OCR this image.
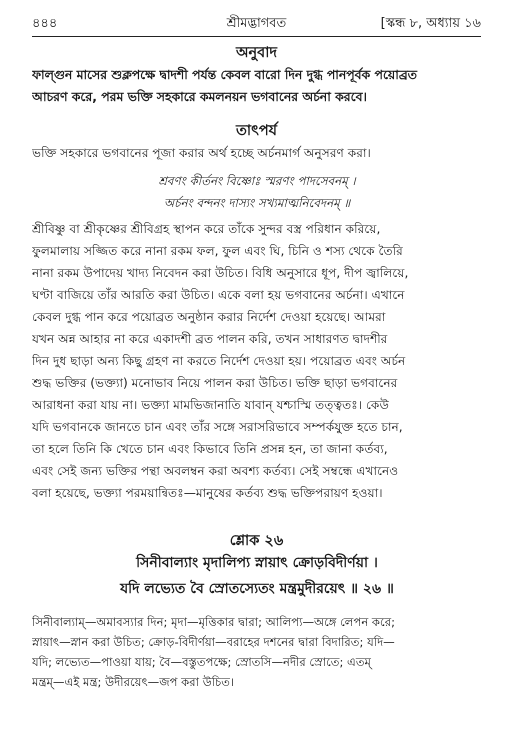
৪৪৪	শ্রীমদ্ভাগবত	[স্কন্ধ ৮, অধ্যায় ১৬
অনুবাদ
ফাল্গুন মাসের শুক্লপক্ষে দ্বাদশী পর্যন্ত কেবল বারো দিন দুগ্ধ পানপূর্বক পয়োব্রত
আচরণ করে, পরম ভক্তি সহকারে কমলনয়ন ভগবানের অর্চনা করবে।
তাৎপর্য
ভক্তি সহকারে ভগবানের পূজা করার অর্থ হচ্ছে অর্চনমার্গ অনুসরণ করা।
শ্রবণং কীর্তনং বিষ্ণোঃ স্মরণং পাদসেবনম্ ।
অর্চনং বন্দনং দাস্যং সখ্যমাত্মনিবেদনম্ ॥
শ্রীবিষ্ণু বা শ্রীকৃষ্ণের শ্রীবিগ্রহ স্থাপন করে তাঁকে সুন্দর বস্ত্র পরিধান করিয়ে,
ফুলমালায় সজ্জিত করে নানা রকম ফল, ফুল এবং ঘি, চিনি ও শস্য থেকে তৈরি
নানা রকম উপাদেয় খাদ্য নিবেদন করা উচিত। বিধি অনুসারে ধূপ, দীপ জ্বালিয়ে,
ঘণ্টা বাজিয়ে তাঁর আরতি করা উচিত। একে বলা হয় ভগবানের অর্চনা। এখানে
কেবল দুগ্ধ পান করে পয়োব্রত অনুষ্ঠান করার নির্দেশ দেওয়া হয়েছে। আমরা
যখন অন্ন আহার না করে একাদশী ব্রত পালন করি, তখন সাধারণত দ্বাদশীর
দিন দুধ ছাড়া অন্য কিছু গ্রহণ না করতে নির্দেশ দেওয়া হয়। পয়োব্রত এবং অর্চন
শুদ্ধ ভক্তির (ভক্ত্যা) মনোভাব নিয়ে পালন করা উচিত। ভক্তি ছাড়া ভগবানের
আরাধনা করা যায় না। ভক্ত্যা মামভিজানাতি যাবান্ যশ্চাস্মি তত্ত্বতঃ। কেউ
যদি ভগবানকে জানতে চান এবং তাঁর সঙ্গে সরাসরিভাবে সম্পর্কযুক্ত হতে চান,
তা হলে তিনি কি খেতে চান এবং কিভাবে তিনি প্রসন্ন হন, তা জানা কর্তব্য,
এবং সেই জন্য ভক্তির পন্থা অবলম্বন করা অবশ্য কর্তব্য। সেই সম্বন্ধে এখানেও
বলা হয়েছে, ভক্ত্যা পরময়ান্বিতঃ—মানুষের কর্তব্য শুদ্ধ ভক্তিপরায়ণ হওয়া।
শ্লোক ২৬
সিনীবাল্যাং মৃদালিপ্য স্নায়াৎ ক্রোড়বিদীর্ণয়া ।
যদি লভ্যেত বৈ স্রোতস্যেতং মন্ত্রমুদীরয়েৎ ॥ ২৬ ॥
সিনীবাল্যাম্—অমাবস্যার দিন; মৃদা—মৃত্তিকার দ্বারা; আলিপ্য—অঙ্গে লেপন করে;
স্নায়াৎ—স্নান করা উচিত; ক্রোড়-বিদীর্ণয়া—বরাহের দশনের দ্বারা বিদারিত; যদি—
যদি; লভ্যেত—পাওয়া যায়; বৈ—বস্তুতপক্ষে; স্রোতসি—নদীর স্রোতে; এতম্
মন্ত্রম্—এই মন্ত্র; উদীরয়েৎ—জপ করা উচিত।
